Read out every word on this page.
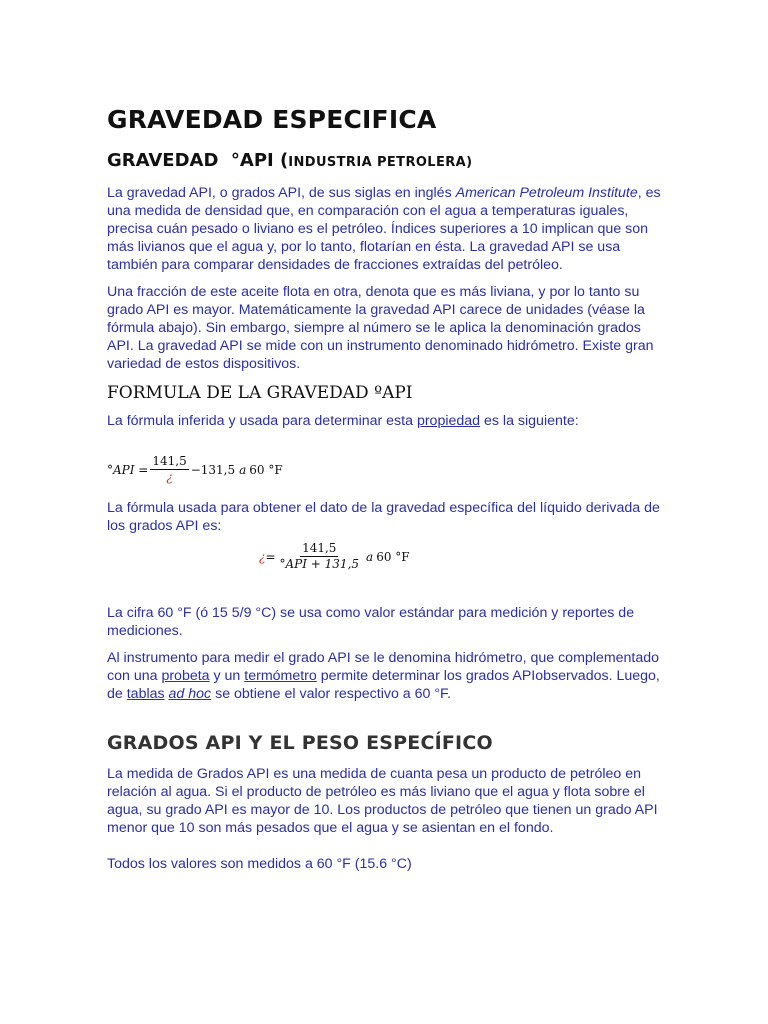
GRAVEDAD ESPECIFICA
GRAVEDAD  °API (INDUSTRIA PETROLERA)

La gravedad API, o grados API, de sus siglas en inglés American Petroleum Institute, es una medida de densidad que, en comparación con el agua a temperaturas iguales, precisa cuán pesado o liviano es el petróleo. Índices superiores a 10 implican que son más livianos que el agua y, por lo tanto, flotarían en ésta. La gravedad API se usa también para comparar densidades de fracciones extraídas del petróleo.

Una fracción de este aceite flota en otra, denota que es más liviana, y por lo tanto su grado API es mayor. Matemáticamente la gravedad API carece de unidades (véase la fórmula abajo). Sin embargo, siempre al número se le aplica la denominación grados API. La gravedad API se mide con un instrumento denominado hidrómetro. Existe gran variedad de estos dispositivos.

FORMULA DE LA GRAVEDAD ºAPI

La fórmula inferida y usada para determinar esta propiedad es la siguiente:

$^\circ API = \frac{141,5}{¿} -131,5$ a 60 °F

La fórmula usada para obtener el dato de la gravedad específica del líquido derivada de los grados API es:

¿ = $\frac{141,5}{\text{°API + 131,5}}$ a 60 °F

La cifra 60 °F (ó 15 5/9 °C) se usa como valor estándar para medición y reportes de mediciones.

Al instrumento para medir el grado API se le denomina hidrómetro, que complementado con una probeta y un termómetro permite determinar los grados APIobservados. Luego, de tablas ad hoc se obtiene el valor respectivo a 60 °F.

GRADOS API Y EL PESO ESPECÍFICO

La medida de Grados API es una medida de cuanta pesa un producto de petróleo en relación al agua. Si el producto de petróleo es más liviano que el agua y flota sobre el agua, su grado API es mayor de 10. Los productos de petróleo que tienen un grado API menor que 10 son más pesados que el agua y se asientan en el fondo.

Todos los valores son medidos a 60 °F (15.6 °C)
